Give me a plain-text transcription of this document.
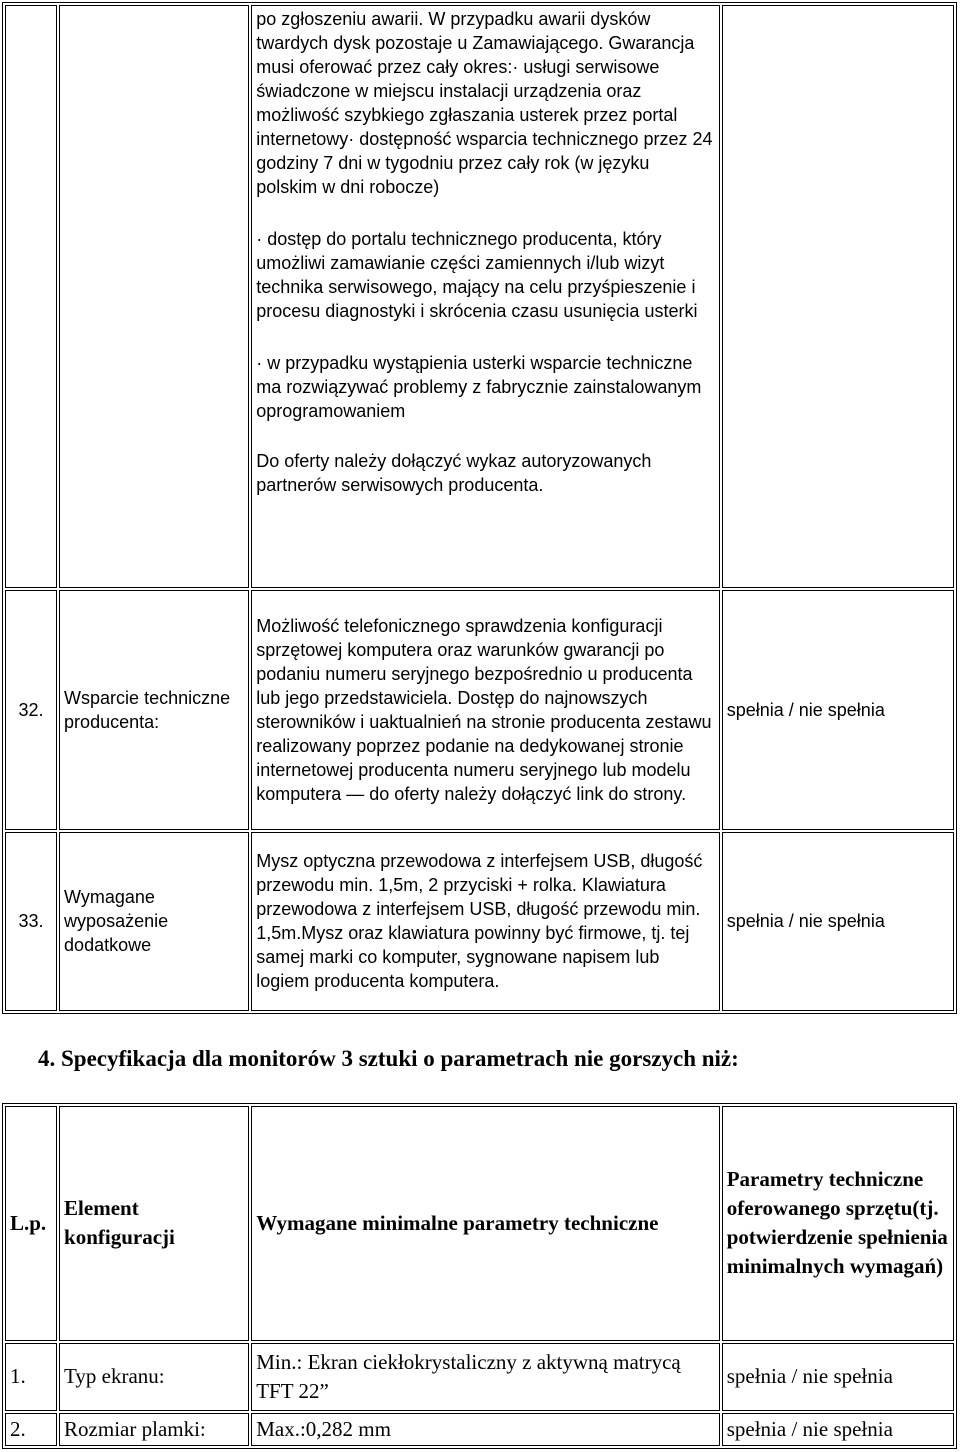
		po zgłoszeniu awarii. W przypadku awarii dysków twardych dysk pozostaje u Zamawiającego. Gwarancja musi oferować przez cały okres:· usługi serwisowe świadczone w miejscu instalacji urządzenia oraz możliwość szybkiego zgłaszania usterek przez portal internetowy· dostępność wsparcia technicznego przez 24 godziny 7 dni w tygodniu przez cały rok (w języku polskim w dni robocze)

· dostęp do portalu technicznego producenta, który umożliwi zamawianie części zamiennych i/lub wizyt technika serwisowego, mający na celu przyśpieszenie i procesu diagnostyki i skrócenia czasu usunięcia usterki

· w przypadku wystąpienia usterki wsparcie techniczne ma rozwiązywać problemy z fabrycznie zainstalowanym oprogramowaniem

Do oferty należy dołączyć wykaz autoryzowanych partnerów serwisowych producenta.	

32.	Wsparcie techniczne producenta:	Możliwość telefonicznego sprawdzenia konfiguracji sprzętowej komputera oraz warunków gwarancji po podaniu numeru seryjnego bezpośrednio u producenta lub jego przedstawiciela. Dostęp do najnowszych sterowników i uaktualnień na stronie producenta zestawu realizowany poprzez podanie na dedykowanej stronie internetowej producenta numeru seryjnego lub modelu komputera — do oferty należy dołączyć link do strony.	spełnia / nie spełnia
33.	Wymagane wyposażenie dodatkowe	Mysz optyczna przewodowa z interfejsem USB, długość przewodu min. 1,5m, 2 przyciski + rolka. Klawiatura przewodowa z interfejsem USB, długość przewodu min. 1,5m.Mysz oraz klawiatura powinny być firmowe, tj. tej samej marki co komputer, sygnowane napisem lub logiem producenta komputera.	spełnia / nie spełnia
4. Specyfikacja dla monitorów 3 sztuki o parametrach nie gorszych niż:
L.p.	Element konfiguracji	Wymagane minimalne parametry techniczne	Parametry techniczne oferowanego sprzętu(tj. potwierdzenie spełnienia minimalnych wymagań)
1.	Typ ekranu:	Min.: Ekran ciekłokrystaliczny z aktywną matrycą TFT 22”	spełnia / nie spełnia
2.	Rozmiar plamki:	Max.:0,282 mm	spełnia / nie spełnia
